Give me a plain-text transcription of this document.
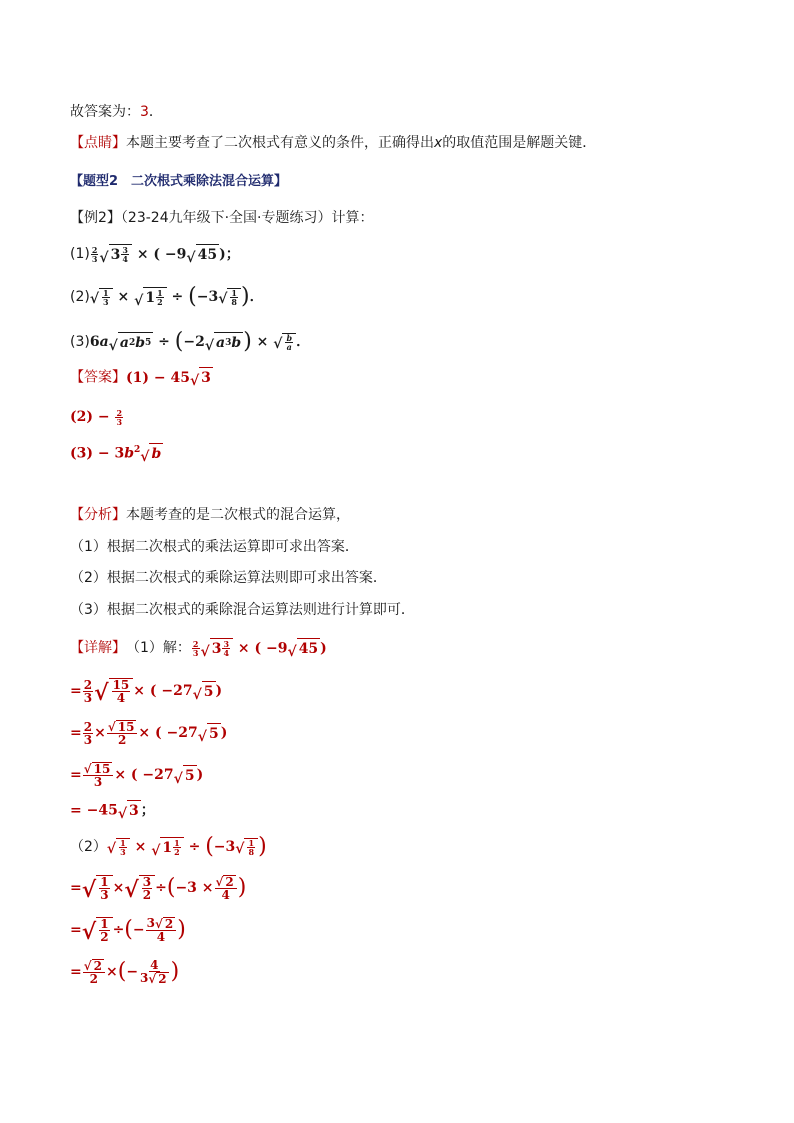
故答案为：3．
【点睛】本题主要考查了二次根式有意义的条件，正确得出x的取值范围是解题关键．
【题型2　二次根式乘除法混合运算】
【例2】（23-24九年级下·全国·专题练习）计算：
$(1) \frac{2}{3}$ √ 3 3
4 × ( −9 √ 45 )；
(2) √ 1
3 × √ 1 1
2 ÷ (−3 √ 1
8 )．
(3) 6a √ a 2 b 5 ÷ (−2 √ a 3 b ) × √ b
a ．
【答案】(1) − 45 √ 3
(2) −
$\frac{2}{3}$
$(3) - 3b^2$ √ b
【分析】本题考查的是二次根式的混合运算，
（1）根据二次根式的乘法运算即可求出答案．
（2）根据二次根式的乘除运算法则即可求出答案．
（3）根据二次根式的乘除混合运算法则进行计算即可．
【详解】 （1）解： $\frac{2}{3}$ √ 3 3
4 × ( −9 √ 45 )
= 2
3 √ 15
4 × ( −27 √ 5 )
= 2
3 × √ 15
2 × ( −27 √ 5 )
= √ 15
3 × ( −27 √ 5 )
= −45 √ 3 ；
（2） √ 1
3 × √ 1 1
2 ÷ (−3 √ 1
8 )
= √ 1
3 × √ 3
2 ÷ ( −3 × √ 2
4 )
= √ 1
2 ÷ ( − 3 √ 2
4 )
= √ 2
2 × ( − 4
3 √ 2 )
